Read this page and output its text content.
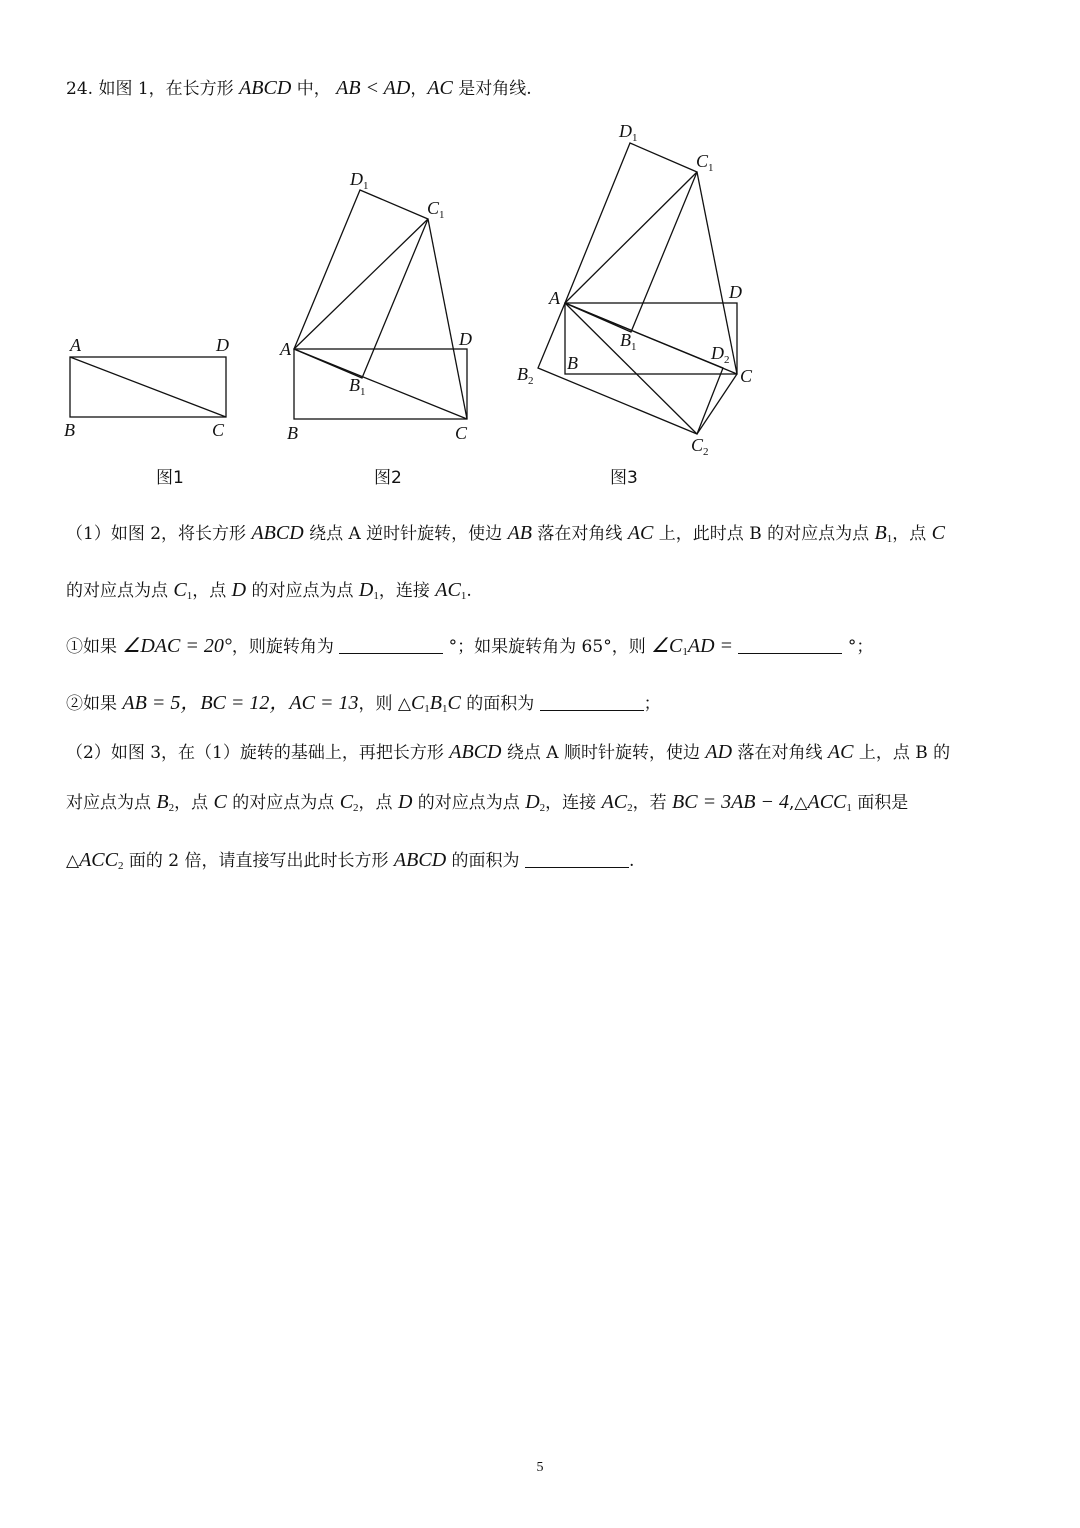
24. 如图 1，在长方形 ABCD 中， AB < AD，AC 是对角线.
A	D
B	C
图1
A	D
B	C
$B_1$
$D_1$
$C_1$
图2
A	D
B
C
$D_1$
$C_1$
$B_1$	$D_2$
$B_2$
$C_2$
图3
（1）如图 2，将长方形 ABCD 绕点 A 逆时针旋转，使边 AB 落在对角线 AC 上，此时点 B 的对应点为点 $B_1$，点 C
的对应点为点 $C_1$，点 D 的对应点为点 $D_1$，连接 $AC_1$.
①如果 ∠DAC = 20°，则旋转角为	°；如果旋转角为 65°，则 $\angle C_1AD$ =	°；
②如果 AB = 5，BC = 12，AC = 13，则 $\triangle C_1B_1C$ 的面积为	；
（2）如图 3，在（1）旋转的基础上，再把长方形 ABCD 绕点 A 顺时针旋转，使边 AD 落在对角线 AC 上，点 B 的
对应点为点 $B_2$，点 C 的对应点为点 $C_2$，点 D 的对应点为点 $D_2$，连接 $AC_2$，若 BC = $3AB - 4,\triangle ACC_1$ 面积是
$\triangle ACC_2$ 面的 2 倍，请直接写出此时长方形 ABCD 的面积为	.
5
